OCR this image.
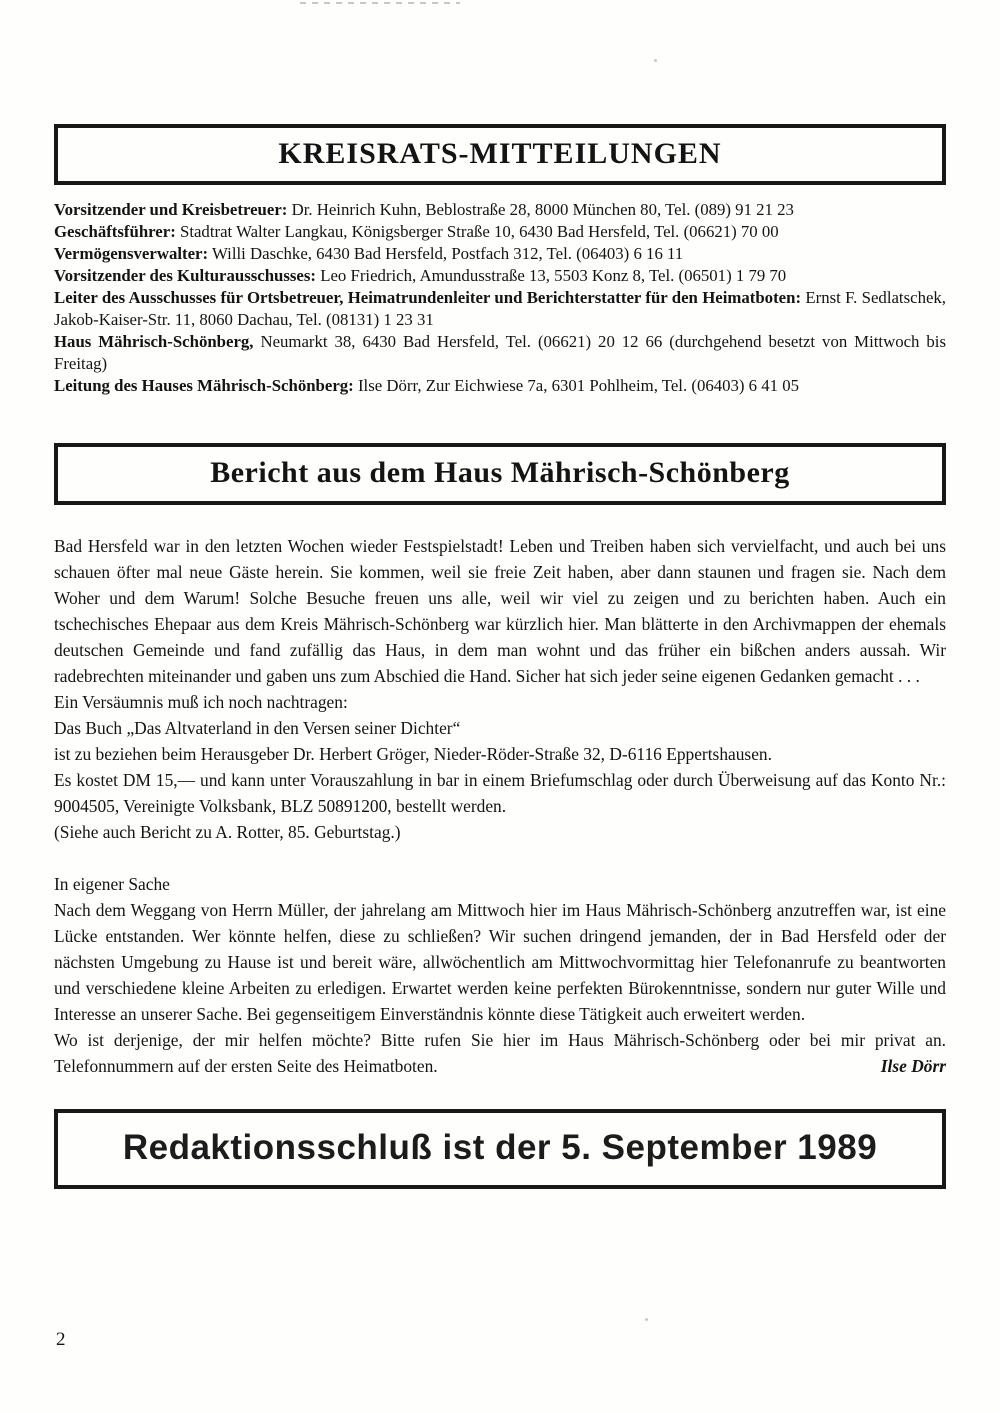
KREISRATS-MITTEILUNGEN

Vorsitzender und Kreisbetreuer: Dr. Heinrich Kuhn, Beblostraße 28, 8000 München 80, Tel. (089) 91 21 23

Geschäftsführer: Stadtrat Walter Langkau, Königsberger Straße 10, 6430 Bad Hersfeld, Tel. (06621) 70 00

Vermögensverwalter: Willi Daschke, 6430 Bad Hersfeld, Postfach 312, Tel. (06403) 6 16 11

Vorsitzender des Kulturausschusses: Leo Friedrich, Amundusstraße 13, 5503 Konz 8, Tel. (06501) 1 79 70

Leiter des Ausschusses für Ortsbetreuer, Heimatrundenleiter und Berichterstatter für den Heimatboten: Ernst F. Sedlatschek, Jakob-Kaiser-Str. 11, 8060 Dachau, Tel. (08131) 1 23 31

Haus Mährisch-Schönberg, Neumarkt 38, 6430 Bad Hersfeld, Tel. (06621) 20 12 66 (durchgehend besetzt von Mittwoch bis Freitag)

Leitung des Hauses Mährisch-Schönberg: Ilse Dörr, Zur Eichwiese 7a, 6301 Pohlheim, Tel. (06403) 6 41 05

Bericht aus dem Haus Mährisch-Schönberg

Bad Hersfeld war in den letzten Wochen wieder Festspielstadt! Leben und Treiben haben sich vervielfacht, und auch bei uns schauen öfter mal neue Gäste herein. Sie kommen, weil sie freie Zeit haben, aber dann staunen und fragen sie. Nach dem Woher und dem Warum! Solche Besuche freuen uns alle, weil wir viel zu zeigen und zu berichten haben. Auch ein tschechisches Ehepaar aus dem Kreis Mährisch-Schönberg war kürzlich hier. Man blätterte in den Archivmappen der ehemals deutschen Gemeinde und fand zufällig das Haus, in dem man wohnt und das früher ein bißchen anders aussah. Wir radebrechten miteinander und gaben uns zum Abschied die Hand. Sicher hat sich jeder seine eigenen Gedanken gemacht . . .

Ein Versäumnis muß ich noch nachtragen:

Das Buch „Das Altvaterland in den Versen seiner Dichter“

ist zu beziehen beim Herausgeber Dr. Herbert Gröger, Nieder-Röder-Straße 32, D-6116 Eppertshausen.

Es kostet DM 15,— und kann unter Vorauszahlung in bar in einem Briefumschlag oder durch Überweisung auf das Konto Nr.: 9004505, Vereinigte Volksbank, BLZ 50891200, bestellt werden.

(Siehe auch Bericht zu A. Rotter, 85. Geburtstag.)

In eigener Sache

Nach dem Weggang von Herrn Müller, der jahrelang am Mittwoch hier im Haus Mährisch-Schönberg anzutreffen war, ist eine Lücke entstanden. Wer könnte helfen, diese zu schließen? Wir suchen dringend jemanden, der in Bad Hersfeld oder der nächsten Umgebung zu Hause ist und bereit wäre, allwöchentlich am Mittwochvormittag hier Telefonanrufe zu beantworten und verschiedene kleine Arbeiten zu erledigen. Erwartet werden keine perfekten Bürokenntnisse, sondern nur guter Wille und Interesse an unserer Sache. Bei gegenseitigem Einverständnis könnte diese Tätigkeit auch erweitert werden.

Wo ist derjenige, der mir helfen möchte? Bitte rufen Sie hier im Haus Mährisch-Schönberg oder bei mir privat an. Telefonnummern auf der ersten Seite des Heimatboten.	Ilse Dörr

Redaktionsschluß ist der 5. September 1989
2
